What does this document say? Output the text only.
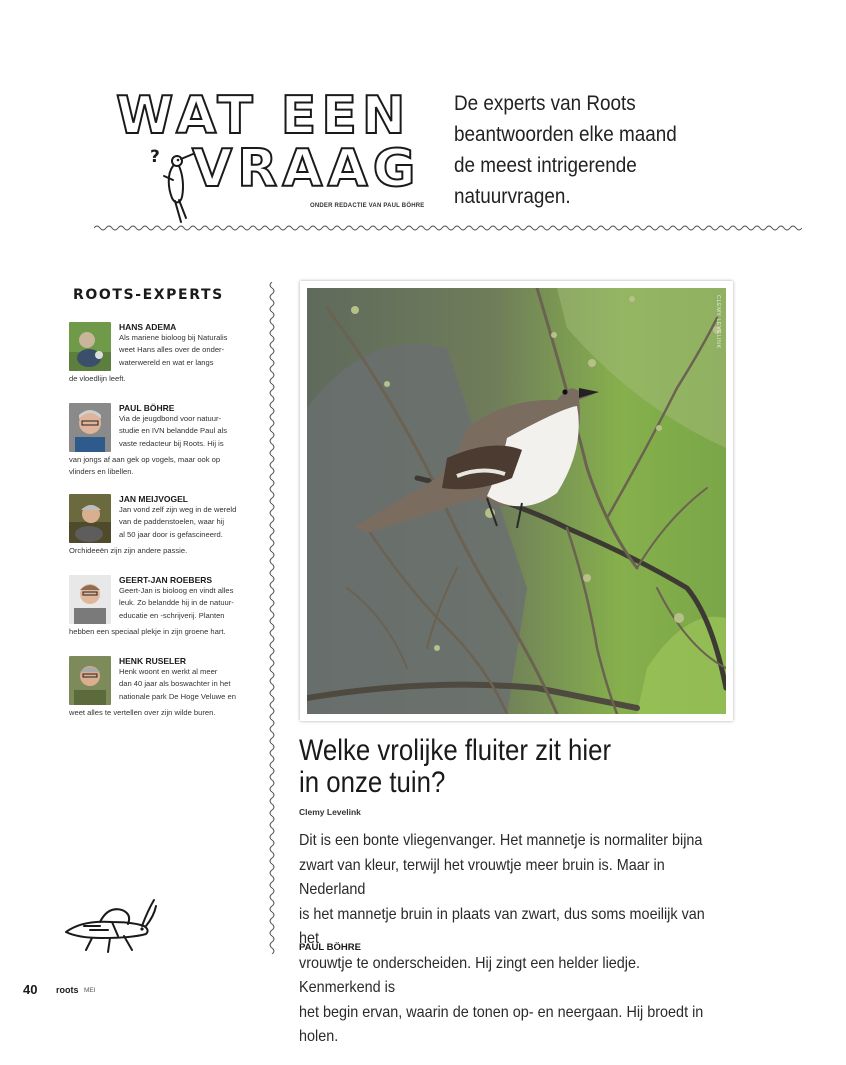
WAT EEN
VRAAG
?
ONDER REDACTIE VAN PAUL BÖHRE
De experts van Roots
beantwoorden elke maand
de meest intrigerende
natuurvragen.
ROOTS-EXPERTS
HANS ADEMA
Als mariene bioloog bij Naturalis
weet Hans alles over de onder-
waterwereld en wat er langs
de vloedlijn leeft.
PAUL BÖHRE
Via de jeugdbond voor natuur-
studie en IVN belandde Paul als
vaste redacteur bij Roots. Hij is
van jongs af aan gek op vogels, maar ook op
vlinders en libellen.
JAN MEIJVOGEL
Jan vond zelf zijn weg in de wereld
van de paddenstoelen, waar hij
al 50 jaar door is gefascineerd.
Orchideeën zijn zijn andere passie.
GEERT-JAN ROEBERS
Geert-Jan is bioloog en vindt alles
leuk. Zo belandde hij in de natuur-
educatie en -schrijverij. Planten
hebben een speciaal plekje in zijn groene hart.
HENK RUSELER
Henk woont en werkt al meer
dan 40 jaar als boswachter in het
nationale park De Hoge Veluwe en
weet alles te vertellen over zijn wilde buren.
CLEMY LEVELINK
Welke vrolijke fluiter zit hier
in onze tuin?
Clemy Levelink
Dit is een bonte vliegenvanger. Het mannetje is normaliter bijna
zwart van kleur, terwijl het vrouwtje meer bruin is. Maar in Nederland
is het mannetje bruin in plaats van zwart, dus soms moeilijk van het
vrouwtje te onderscheiden. Hij zingt een helder liedje. Kenmerkend is
het begin ervan, waarin de tonen op- en neergaan. Hij broedt in holen.
PAUL BÖHRE
40 roots MEI
